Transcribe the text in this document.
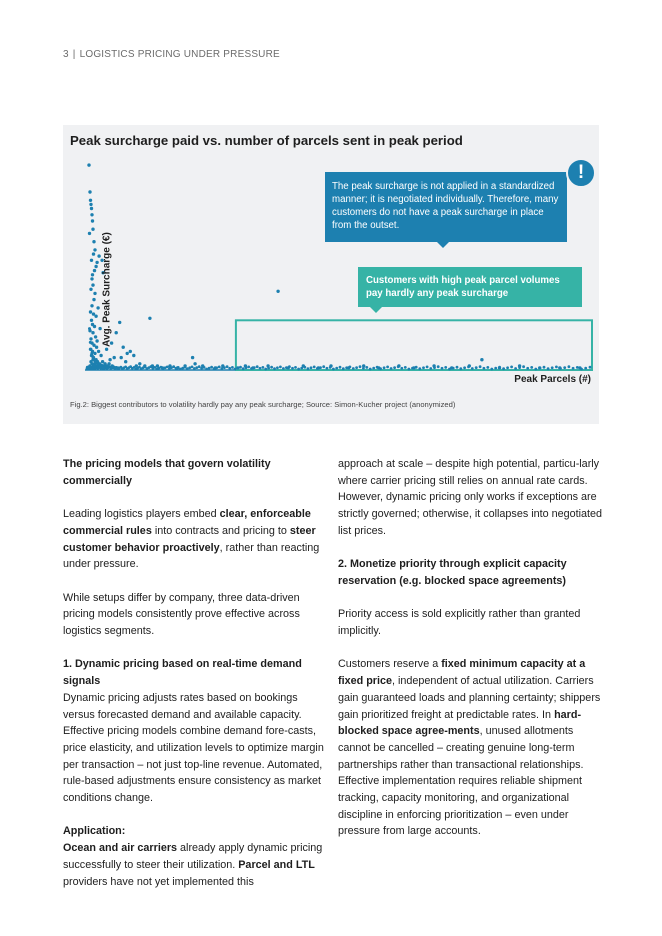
3 | LOGISTICS PRICING UNDER PRESSURE
Peak surcharge paid vs. number of parcels sent in peak period
Avg. Peak Surcharge (€)
Peak Parcels (#)
The peak surcharge is not applied in a standardized manner; it is negotiated individually. Therefore, many customers do not have a peak surcharge in place from the outset.
!
Customers with high peak parcel volumes pay hardly any peak surcharge
Fig.2: Biggest contributors to volatility hardly pay any peak surcharge; Source: Simon-Kucher project (anonymized)

The pricing models that govern volatility commercially

Leading logistics players embed clear, enforceable commercial rules into contracts and pricing to steer customer behavior proactively, rather than reacting under pressure.

While setups differ by company, three data-driven pricing models consistently prove effective across logistics segments.

1. Dynamic pricing based on real-time demand signals

Dynamic pricing adjusts rates based on bookings versus forecasted demand and available capacity. Effective pricing models combine demand fore-casts, price elasticity, and utilization levels to optimize margin per transaction – not just top-line revenue. Automated, rule-based adjustments ensure consistency as market conditions change.

Application:

Ocean and air carriers already apply dynamic pricing successfully to steer their utilization. Parcel and LTL providers have not yet implemented this

approach at scale – despite high potential, particu-larly where carrier pricing still relies on annual rate cards. However, dynamic pricing only works if exceptions are strictly governed; otherwise, it collapses into negotiated list prices.

2. Monetize priority through explicit capacity reservation (e.g. blocked space agreements)

Priority access is sold explicitly rather than granted implicitly.

Customers reserve a fixed minimum capacity at a fixed price, independent of actual utilization. Carriers gain guaranteed loads and planning certainty; shippers gain prioritized freight at predictable rates. In hard-blocked space agree-ments, unused allotments cannot be cancelled – creating genuine long-term partnerships rather than transactional relationships.

Effective implementation requires reliable shipment tracking, capacity monitoring, and organizational discipline in enforcing prioritization – even under pressure from large accounts.
